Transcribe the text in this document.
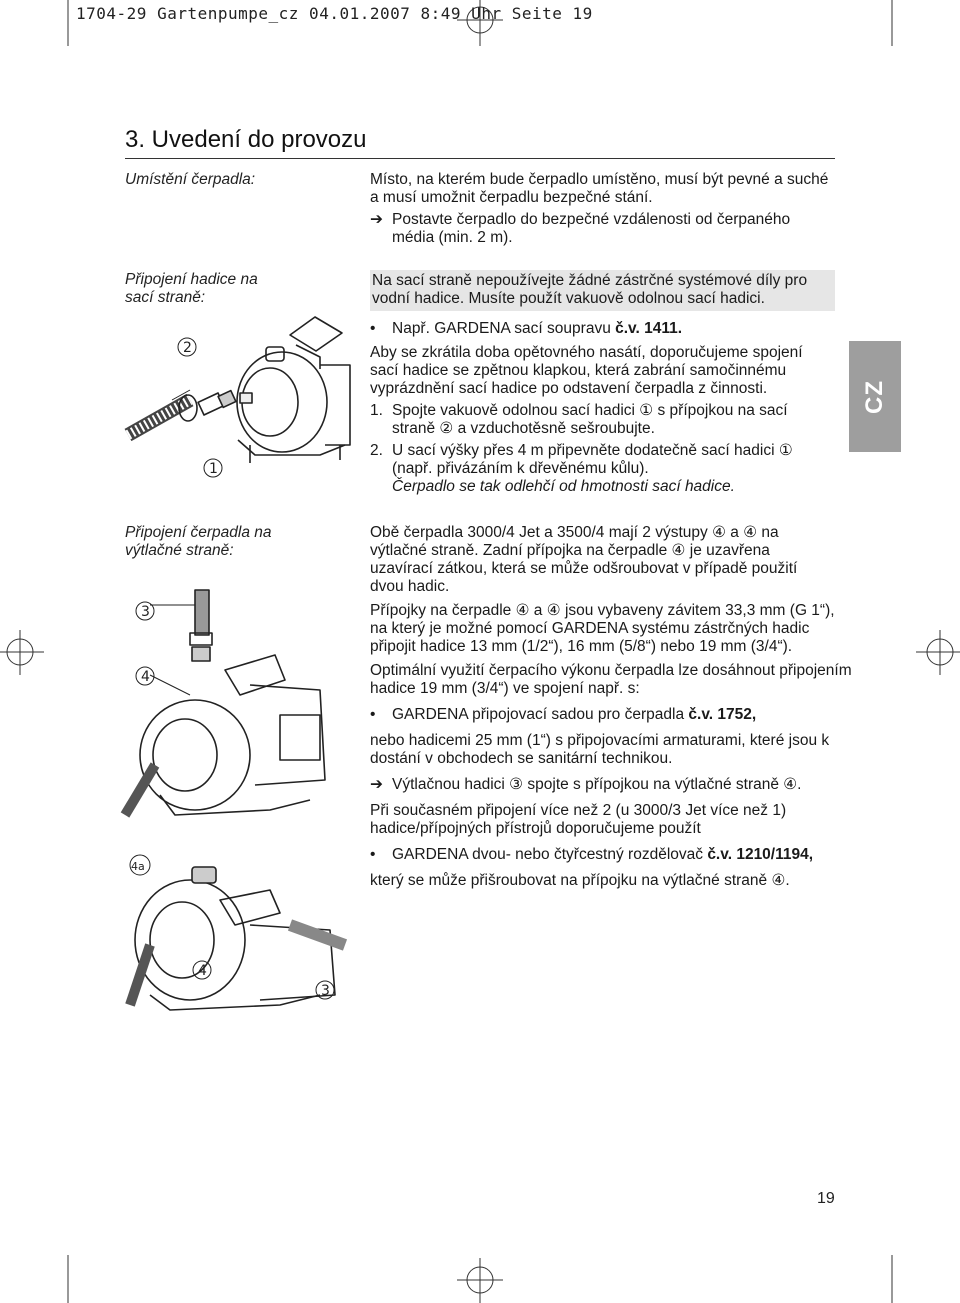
1704-29 Gartenpumpe_cz 04.01.2007 8:49 Uhr Seite 19
3. Uvedení do provozu
Umístění čerpadla:	Místo, na kterém bude čerpadlo umístěno, musí být pevné a suché
a musí umožnit čerpadlu bezpečné stání.
➔ Postavte čerpadlo do bezpečné vzdálenosti od čerpaného
média (min. 2 m).
Připojení hadice na
sací straně:
Na sací straně nepoužívejte žádné zástrčné systémové díly pro
vodní hadice. Musíte použít vakuově odolnou sací hadici.
•	Např. GARDENA sací soupravu č.v. 1411.
Aby se zkrátila doba opětovného nasátí, doporučujeme spojení
sací hadice se zpětnou klapkou, která zabrání samočinnému
vyprázdnění sací hadice po odstavení čerpadla z činnosti.
1. Spojte vakuově odolnou sací hadici ① s přípojkou na sací
straně ② a vzduchotěsně sešroubujte.
2. U sací výšky přes 4 m připevněte dodatečně sací hadici ①
(např. přivázáním k dřevěnému kůlu).
Čerpadlo se tak odlehčí od hmotnosti sací hadice.
CZ
Připojení čerpadla na
výtlačné straně:
Obě čerpadla 3000/4 Jet a 3500/4 mají 2 výstupy ④ a ④ na
výtlačné straně. Zadní přípojka na čerpadle ④ je uzavřena
uzavírací zátkou, která se může odšroubovat v případě použití
dvou hadic.
Přípojky na čerpadle ④ a ④ jsou vybaveny závitem 33,3 mm (G 1“),
na který je možné pomocí GARDENA systému zástrčných hadic
připojit hadice 13 mm (1/2“), 16 mm (5/8“) nebo 19 mm (3/4“).
Optimální využití čerpacího výkonu čerpadla lze dosáhnout připojením
hadice 19 mm (3/4“) ve spojení např. s:
•	GARDENA připojovací sadou pro čerpadla č.v. 1752,
nebo hadicemi 25 mm (1“) s připojovacími armaturami, které jsou k
dostání v obchodech se sanitární technikou.
➔ Výtlačnou hadici ③ spojte s přípojkou na výtlačné straně ④.
Při současném připojení více než 2 (u 3000/3 Jet více než 1)
hadice/přípojných přístrojů doporučujeme použít
•	GARDENA dvou- nebo čtyřcestný rozdělovač č.v. 1210/1194,
který se může přišroubovat na přípojku na výtlačné straně ④.
2
1
3
4
4a
4
3
19
